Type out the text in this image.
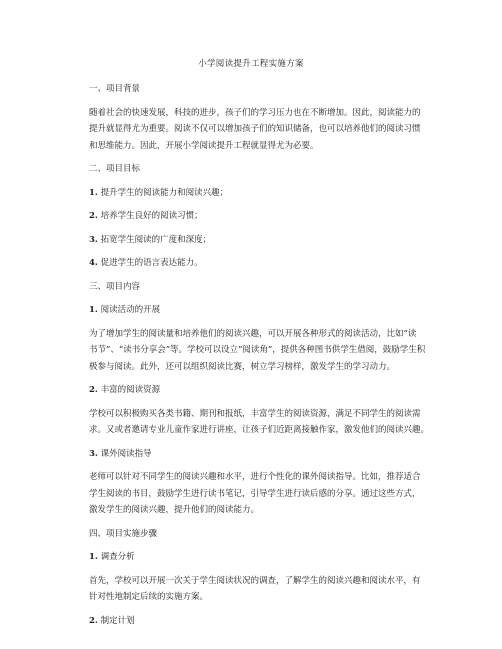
小学阅读提升工程实施方案
一、项目背景
随着社会的快速发展，科技的进步，孩子们的学习压力也在不断增加。因此，阅读能力的
提升就显得尤为重要。阅读不仅可以增加孩子们的知识储备，也可以培养他们的阅读习惯
和思维能力。因此，开展小学阅读提升工程就显得尤为必要。
二、项目目标
1. 提升学生的阅读能力和阅读兴趣；
2. 培养学生良好的阅读习惯；
3. 拓宽学生阅读的广度和深度；
4. 促进学生的语言表达能力。
三、项目内容
1. 阅读活动的开展
为了增加学生的阅读量和培养他们的阅读兴趣，可以开展各种形式的阅读活动，比如“读
书节”、“读书分享会”等。学校可以设立“阅读角”，提供各种图书供学生借阅，鼓励学生积
极参与阅读。此外，还可以组织阅读比赛，树立学习榜样，激发学生的学习动力。
2. 丰富的阅读资源
学校可以积极购买各类书籍、期刊和报纸，丰富学生的阅读资源，满足不同学生的阅读需
求。又或者邀请专业儿童作家进行讲座，让孩子们近距离接触作家，激发他们的阅读兴趣。
3. 课外阅读指导
老师可以针对不同学生的阅读兴趣和水平，进行个性化的课外阅读指导。比如，推荐适合
学生阅读的书目，鼓励学生进行读书笔记，引导学生进行读后感的分享。通过这些方式，
激发学生的阅读兴趣，提升他们的阅读能力。
四、项目实施步骤
1. 调查分析
首先，学校可以开展一次关于学生阅读状况的调查，了解学生的阅读兴趣和阅读水平，有
针对性地制定后续的实施方案。
2. 制定计划
